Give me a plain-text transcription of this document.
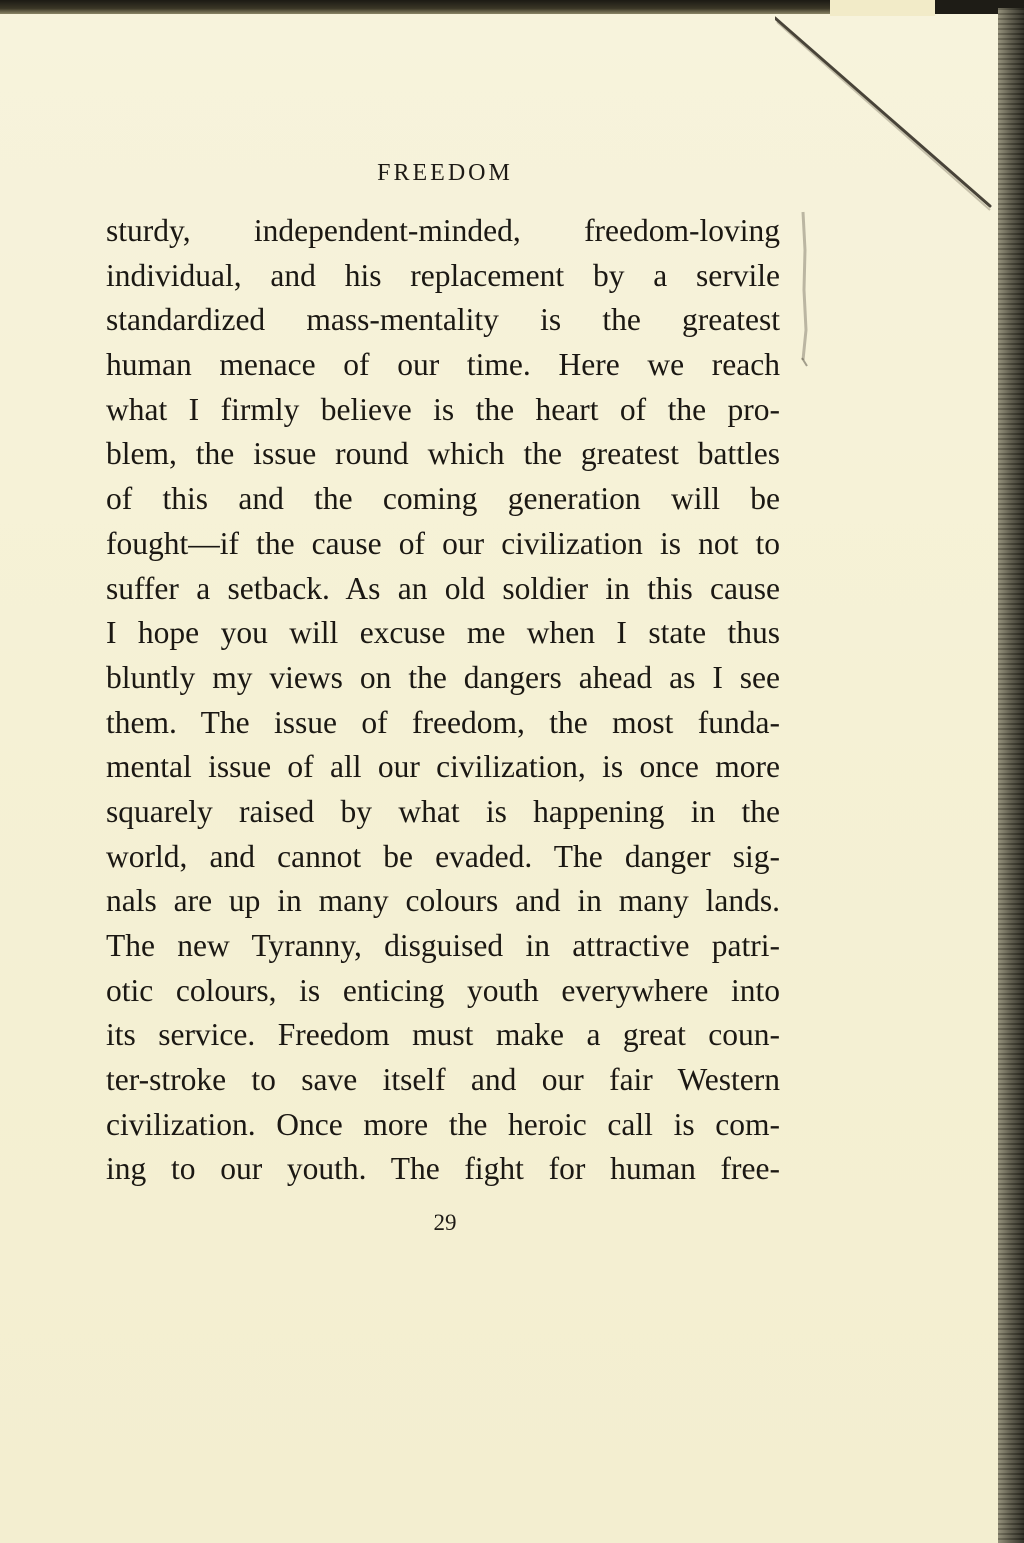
FREEDOM
sturdy, independent-minded, freedom-loving
individual, and his replacement by a servile
standardized mass-mentality is the greatest
human menace of our time. Here we reach
what I firmly believe is the heart of the pro-
blem, the issue round which the greatest battles
of this and the coming generation will be
fought—if the cause of our civilization is not to
suffer a setback. As an old soldier in this cause
I hope you will excuse me when I state thus
bluntly my views on the dangers ahead as I see
them. The issue of freedom, the most funda-
mental issue of all our civilization, is once more
squarely raised by what is happening in the
world, and cannot be evaded. The danger sig-
nals are up in many colours and in many lands.
The new Tyranny, disguised in attractive patri-
otic colours, is enticing youth everywhere into
its service. Freedom must make a great coun-
ter-stroke to save itself and our fair Western
civilization. Once more the heroic call is com-
ing to our youth. The fight for human free-
29
